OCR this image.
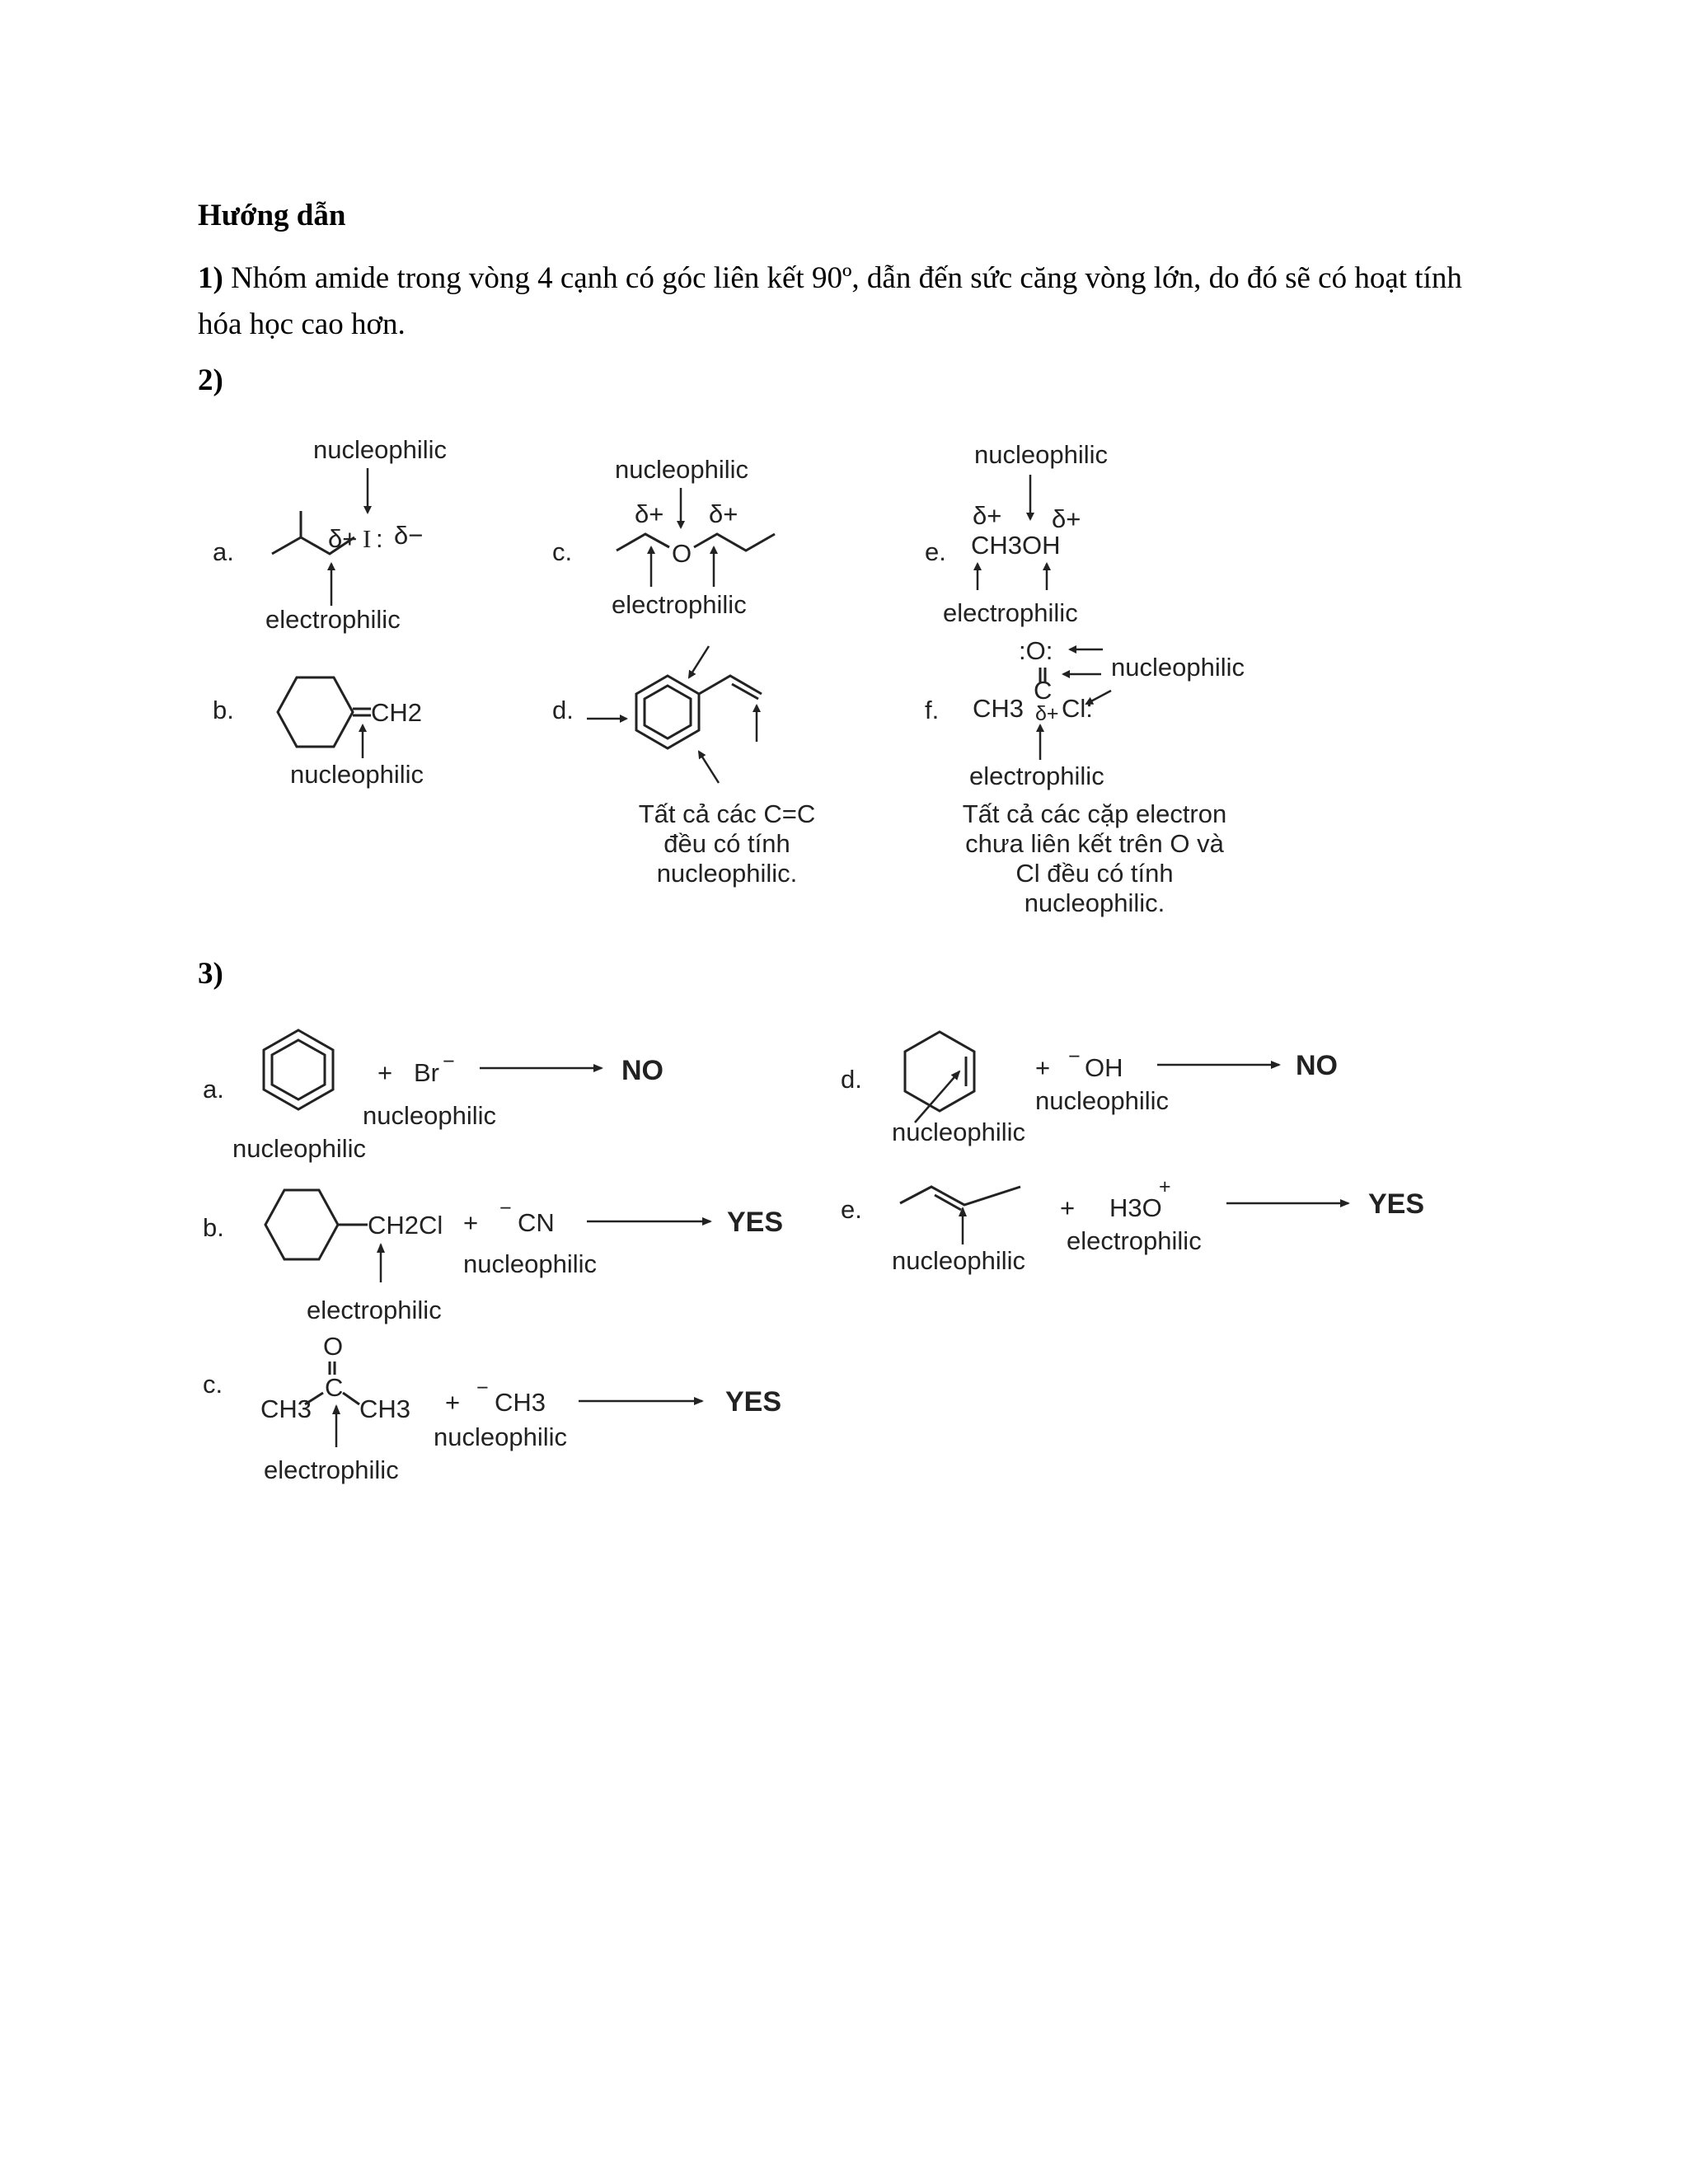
Hướng dẫn
1) Nhóm amide trong vòng 4 cạnh có góc liên kết 90º, dẫn đến sức căng vòng lớn, do đó sẽ có hoạt tính hóa học cao hơn.
2)
a.
nucleophilic
δ+ I : δ−
electrophilic
b.	CH2
nucleophilic
c.
nucleophilic
δ+ δ+
O
electrophilic
d.
Tất cả các C=C
đều có tính
nucleophilic.
e.
nucleophilic
δ+ δ+
CH3OH
electrophilic
f.
:O:
nucleophilic
C
CH3 δ+ Cl:
electrophilic
Tất cả các cặp electron
chưa liên kết trên O và
Cl đều có tính
nucleophilic.
3)
a.
+ Br −	NO
nucleophilic
nucleophilic
b.	CH2Cl + − CN	YES
nucleophilic
electrophilic
c.
O
C
CH3 CH3 + − CH3	YES
nucleophilic
electrophilic
d.
nucleophilic
+ − OH	NO
nucleophilic
e.
nucleophilic
+ H3O
+
YES
electrophilic
